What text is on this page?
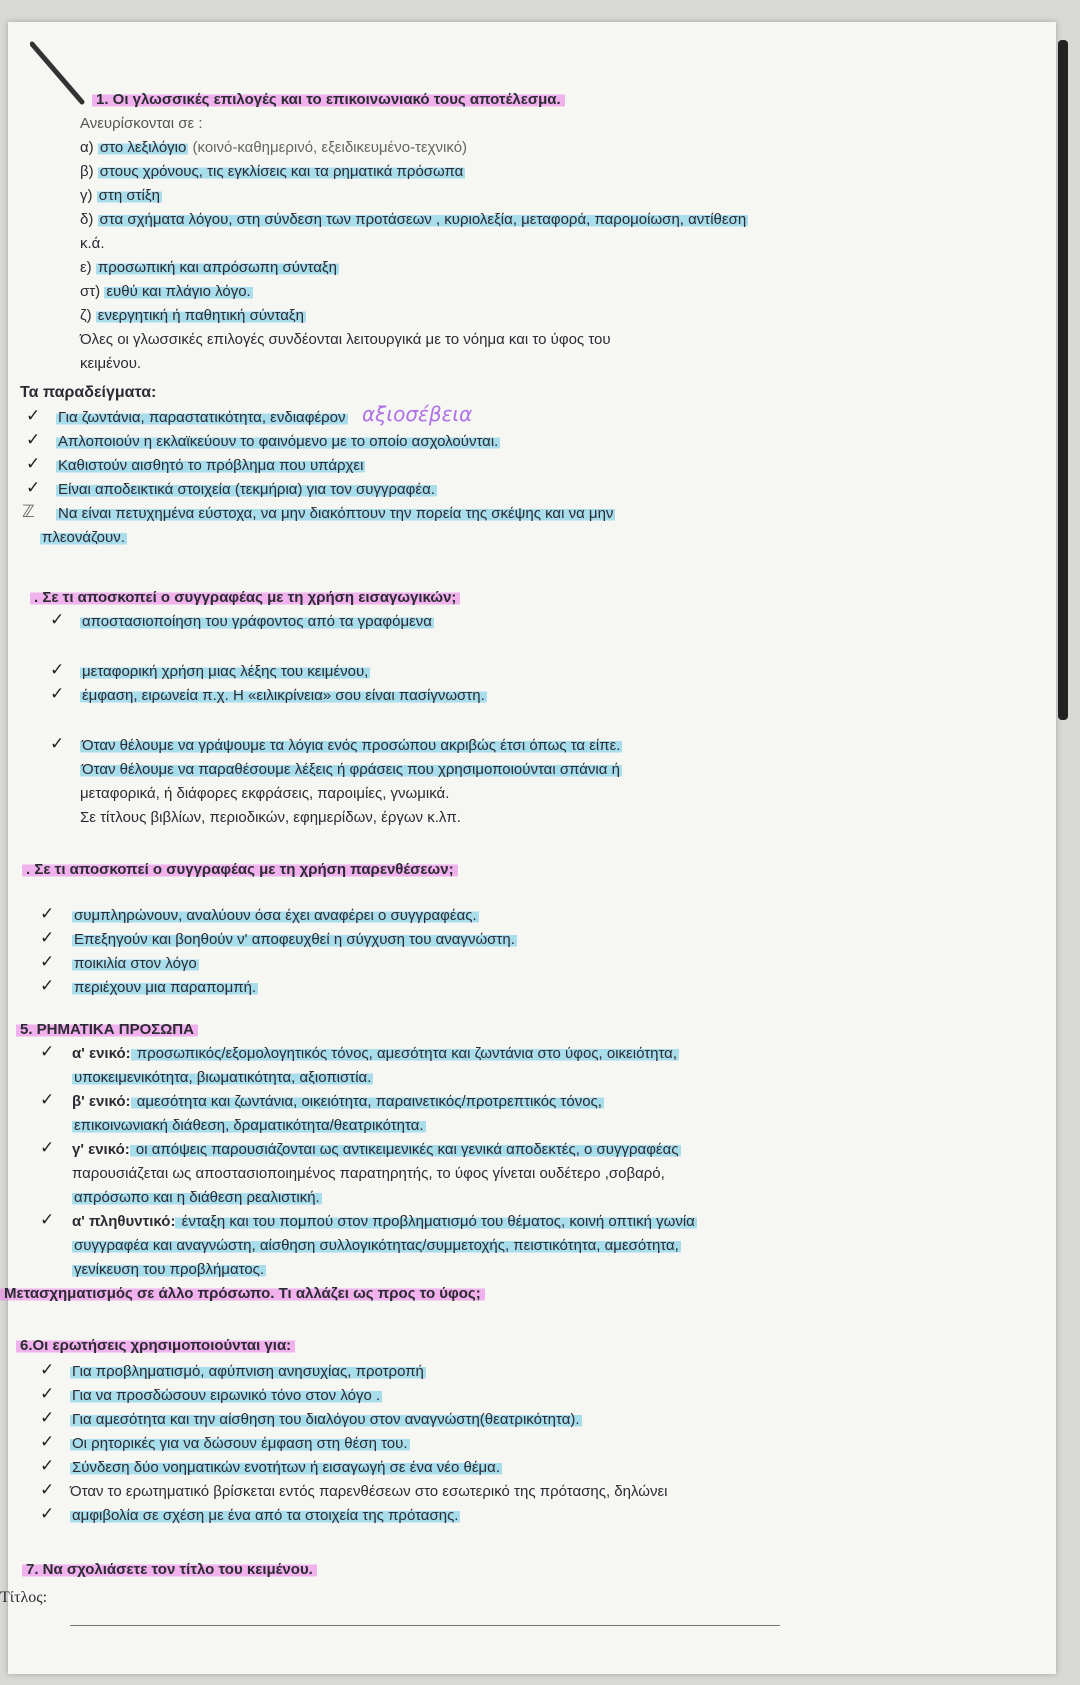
1. Οι γλωσσικές επιλογές και το επικοινωνιακό τους αποτέλεσμα.
Ανευρίσκονται σε :
α) στο λεξιλόγιο (κοινό-καθημερινό, εξειδικευμένο-τεχνικό)
β) στους χρόνους, τις εγκλίσεις και τα ρηματικά πρόσωπα
γ) στη στίξη
δ) στα σχήματα λόγου, στη σύνδεση των προτάσεων , κυριολεξία, μεταφορά, παρομοίωση, αντίθεση
κ.ά.
ε) προσωπική και απρόσωπη σύνταξη
στ) ευθύ και πλάγιο λόγο.
ζ) ενεργητική ή παθητική σύνταξη
Όλες οι γλωσσικές επιλογές συνδέονται λειτουργικά με το νόημα και το ύφος του
κειμένου.
Τα παραδείγματα:
✓ Για ζωντάνια, παραστατικότητα, ενδιαφέρον αξιοσέβεια
✓ Απλοποιούν η εκλαϊκεύουν το φαινόμενο με το οποίο ασχολούνται.
✓ Καθιστούν αισθητό το πρόβλημα που υπάρχει
✓ Είναι αποδεικτικά στοιχεία (τεκμήρια) για τον συγγραφέα.
ℤ Να είναι πετυχημένα εύστοχα, να μην διακόπτουν την πορεία της σκέψης και να μην
πλεονάζουν.
. Σε τι αποσκοπεί ο συγγραφέας με τη χρήση εισαγωγικών;
✓ αποστασιοποίηση του γράφοντος από τα γραφόμενα
✓ μεταφορική χρήση μιας λέξης του κειμένου,
✓ έμφαση, ειρωνεία π.χ. Η «ειλικρίνεια» σου είναι πασίγνωστη.
✓ Όταν θέλουμε να γράψουμε τα λόγια ενός προσώπου ακριβώς έτσι όπως τα είπε.
Όταν θέλουμε να παραθέσουμε λέξεις ή φράσεις που χρησιμοποιούνται σπάνια ή
μεταφορικά, ή διάφορες εκφράσεις, παροιμίες, γνωμικά.
Σε τίτλους βιβλίων, περιοδικών, εφημερίδων, έργων κ.λπ.
. Σε τι αποσκοπεί ο συγγραφέας με τη χρήση παρενθέσεων;
✓ συμπληρώνουν, αναλύουν όσα έχει αναφέρει ο συγγραφέας.
✓ Επεξηγούν και βοηθούν ν' αποφευχθεί η σύγχυση του αναγνώστη.
✓ ποικιλία στον λόγο
✓ περιέχουν μια παραπομπή.
5. ΡΗΜΑΤΙΚΑ ΠΡΟΣΩΠΑ
✓ α' ενικό: προσωπικός/εξομολογητικός τόνος, αμεσότητα και ζωντάνια στο ύφος, οικειότητα,
υποκειμενικότητα, βιωματικότητα, αξιοπιστία.
✓ β' ενικό: αμεσότητα και ζωντάνια, οικειότητα, παραινετικός/προτρεπτικός τόνος,
επικοινωνιακή διάθεση, δραματικότητα/θεατρικότητα.
✓ γ' ενικό: οι απόψεις παρουσιάζονται ως αντικειμενικές και γενικά αποδεκτές, ο συγγραφέας
παρουσιάζεται ως αποστασιοποιημένος παρατηρητής, το ύφος γίνεται ουδέτερο ,σοβαρό,
απρόσωπο και η διάθεση ρεαλιστική.
✓ α' πληθυντικό: ένταξη και του πομπού στον προβληματισμό του θέματος, κοινή οπτική γωνία
συγγραφέα και αναγνώστη, αίσθηση συλλογικότητας/συμμετοχής, πειστικότητα, αμεσότητα,
γενίκευση του προβλήματος.
Μετασχηματισμός σε άλλο πρόσωπο. Τι αλλάζει ως προς το ύφος;
6.Οι ερωτήσεις χρησιμοποιούνται για:
✓ Για προβληματισμό, αφύπνιση ανησυχίας, προτροπή
✓ Για να προσδώσουν ειρωνικό τόνο στον λόγο .
✓ Για αμεσότητα και την αίσθηση του διαλόγου στον αναγνώστη(θεατρικότητα).
✓ Οι ρητορικές για να δώσουν έμφαση στη θέση του.
✓ Σύνδεση δύο νοηματικών ενοτήτων ή εισαγωγή σε ένα νέο θέμα.
✓ Όταν το ερωτηματικό βρίσκεται εντός παρενθέσεων στο εσωτερικό της πρότασης, δηλώνει
✓ αμφιβολία σε σχέση με ένα από τα στοιχεία της πρότασης.
7. Να σχολιάσετε τον τίτλο του κειμένου.
Τίτλος:
